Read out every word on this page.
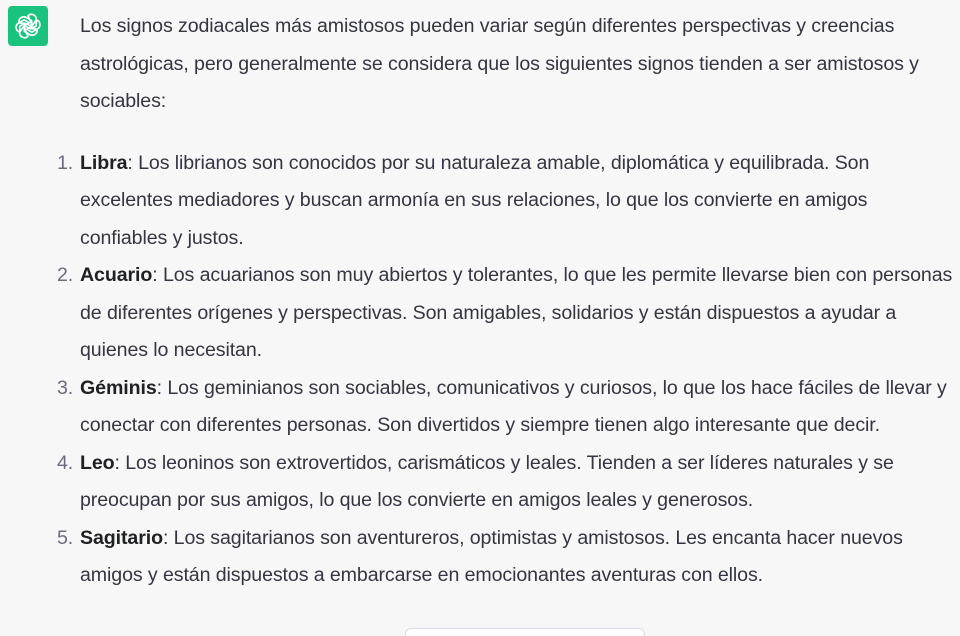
Los signos zodiacales más amistosos pueden variar según diferentes perspectivas y creencias astrológicas, pero generalmente se considera que los siguientes signos tienden a ser amistosos y sociables:

1. Libra: Los librianos son conocidos por su naturaleza amable, diplomática y equilibrada. Son excelentes mediadores y buscan armonía en sus relaciones, lo que los convierte en amigos confiables y justos.
2. Acuario: Los acuarianos son muy abiertos y tolerantes, lo que les permite llevarse bien con personas de diferentes orígenes y perspectivas. Son amigables, solidarios y están dispuestos a ayudar a quienes lo necesitan.
3. Géminis: Los geminianos son sociables, comunicativos y curiosos, lo que los hace fáciles de llevar y conectar con diferentes personas. Son divertidos y siempre tienen algo interesante que decir.
4. Leo: Los leoninos son extrovertidos, carismáticos y leales. Tienden a ser líderes naturales y se preocupan por sus amigos, lo que los convierte en amigos leales y generosos.
5. Sagitario: Los sagitarianos son aventureros, optimistas y amistosos. Les encanta hacer nuevos amigos y están dispuestos a embarcarse en emocionantes aventuras con ellos.
